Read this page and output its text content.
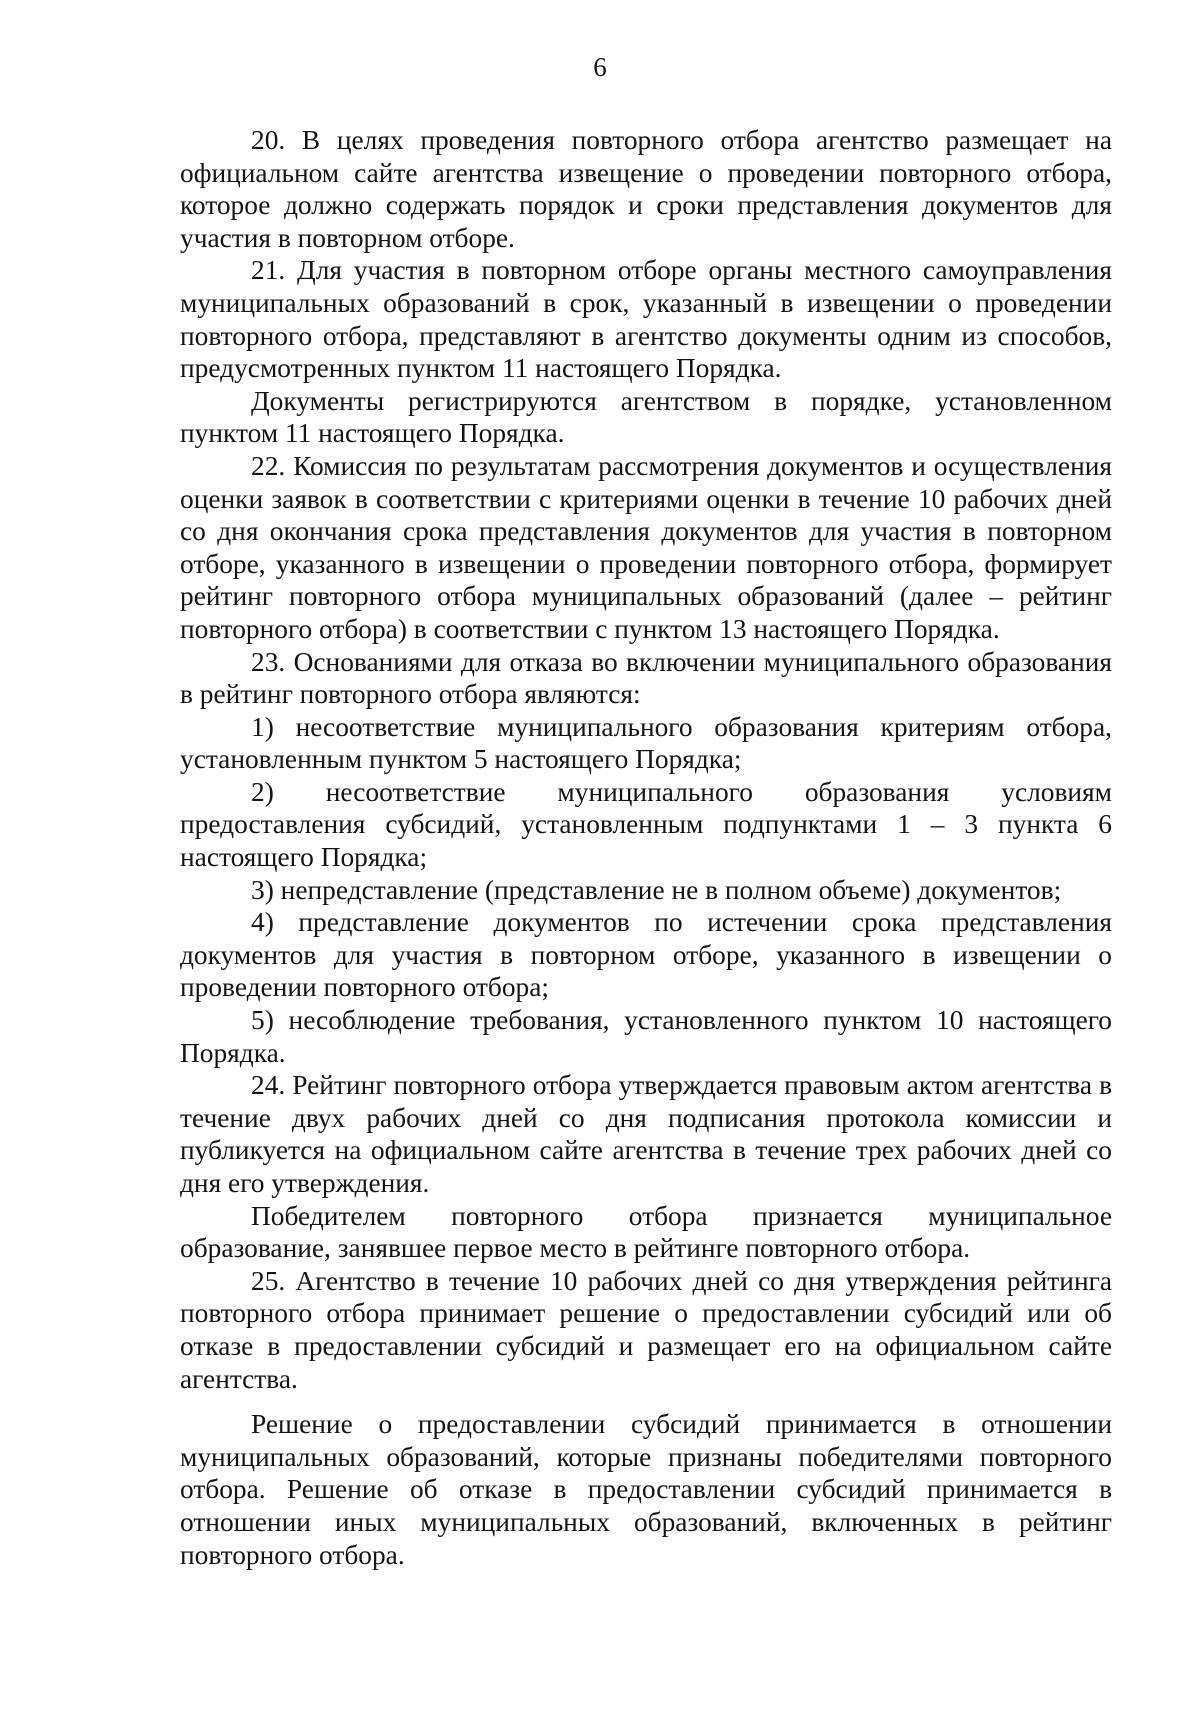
6

20. В целях проведения повторного отбора агентство размещает на официальном сайте агентства извещение о проведении повторного отбора, которое должно содержать порядок и сроки представления документов для участия в повторном отборе.

21. Для участия в повторном отборе органы местного самоуправления муниципальных образований в срок, указанный в извещении о проведении повторного отбора, представляют в агентство документы одним из способов, предусмотренных пунктом 11 настоящего Порядка.

Документы регистрируются агентством в порядке, установленном пунктом 11 настоящего Порядка.

22. Комиссия по результатам рассмотрения документов и осуществления оценки заявок в соответствии с критериями оценки в течение 10 рабочих дней со дня окончания срока представления документов для участия в повторном отборе, указанного в извещении о проведении повторного отбора, формирует рейтинг повторного отбора муниципальных образований (далее – рейтинг повторного отбора) в соответствии с пунктом 13 настоящего Порядка.

23. Основаниями для отказа во включении муниципального образования в рейтинг повторного отбора являются:

1) несоответствие муниципального образования критериям отбора, установленным пунктом 5 настоящего Порядка;

2) несоответствие муниципального образования условиям предоставления субсидий, установленным подпунктами 1 – 3 пункта 6 настоящего Порядка;

3) непредставление (представление не в полном объеме) документов;

4) представление документов по истечении срока представления документов для участия в повторном отборе, указанного в извещении о проведении повторного отбора;

5) несоблюдение требования, установленного пунктом 10 настоящего Порядка.

24. Рейтинг повторного отбора утверждается правовым актом агентства в течение двух рабочих дней со дня подписания протокола комиссии и публикуется на официальном сайте агентства в течение трех рабочих дней со дня его утверждения.

Победителем повторного отбора признается муниципальное образование, занявшее первое место в рейтинге повторного отбора.

25. Агентство в течение 10 рабочих дней со дня утверждения рейтинга повторного отбора принимает решение о предоставлении субсидий или об отказе в предоставлении субсидий и размещает его на официальном сайте агентства.

Решение о предоставлении субсидий принимается в отношении муниципальных образований, которые признаны победителями повторного отбора. Решение об отказе в предоставлении субсидий принимается в отношении иных муниципальных образований, включенных в рейтинг повторного отбора.
